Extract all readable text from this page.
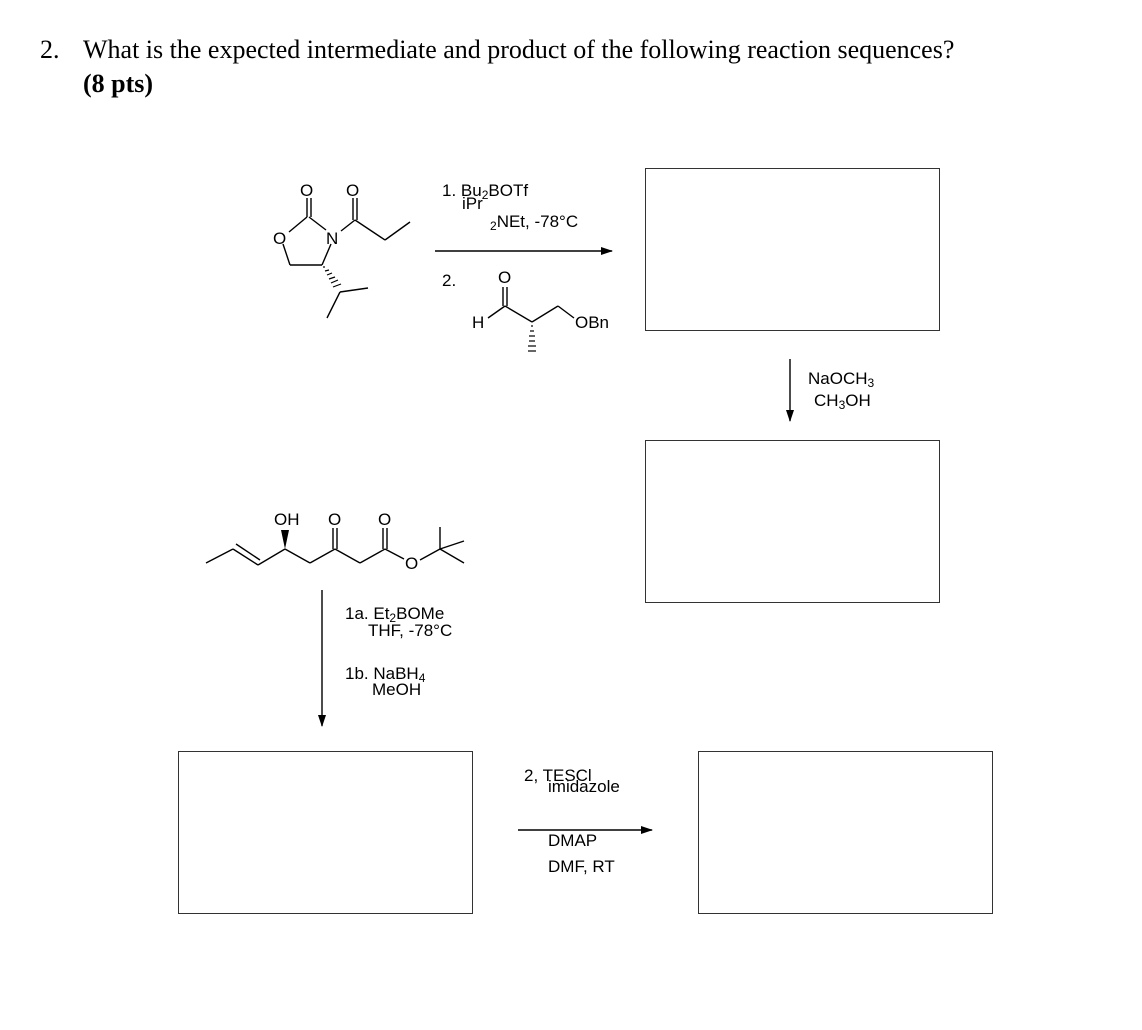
2. What is the expected intermediate and product of the following reaction sequences?
(8 pts)
O O
O N
O
H	OBn
OH O O
O
1. $Bu_2BOTf$
iPr
$_2$NEt, -78°C
2.
NaOCH$_3$
$CH_3OH$
1a. $Et_2BOMe$
THF, -78°C
1b. NaBH$_4$
MeOH
2, TESCl
imidazole
DMAP
DMF, RT
